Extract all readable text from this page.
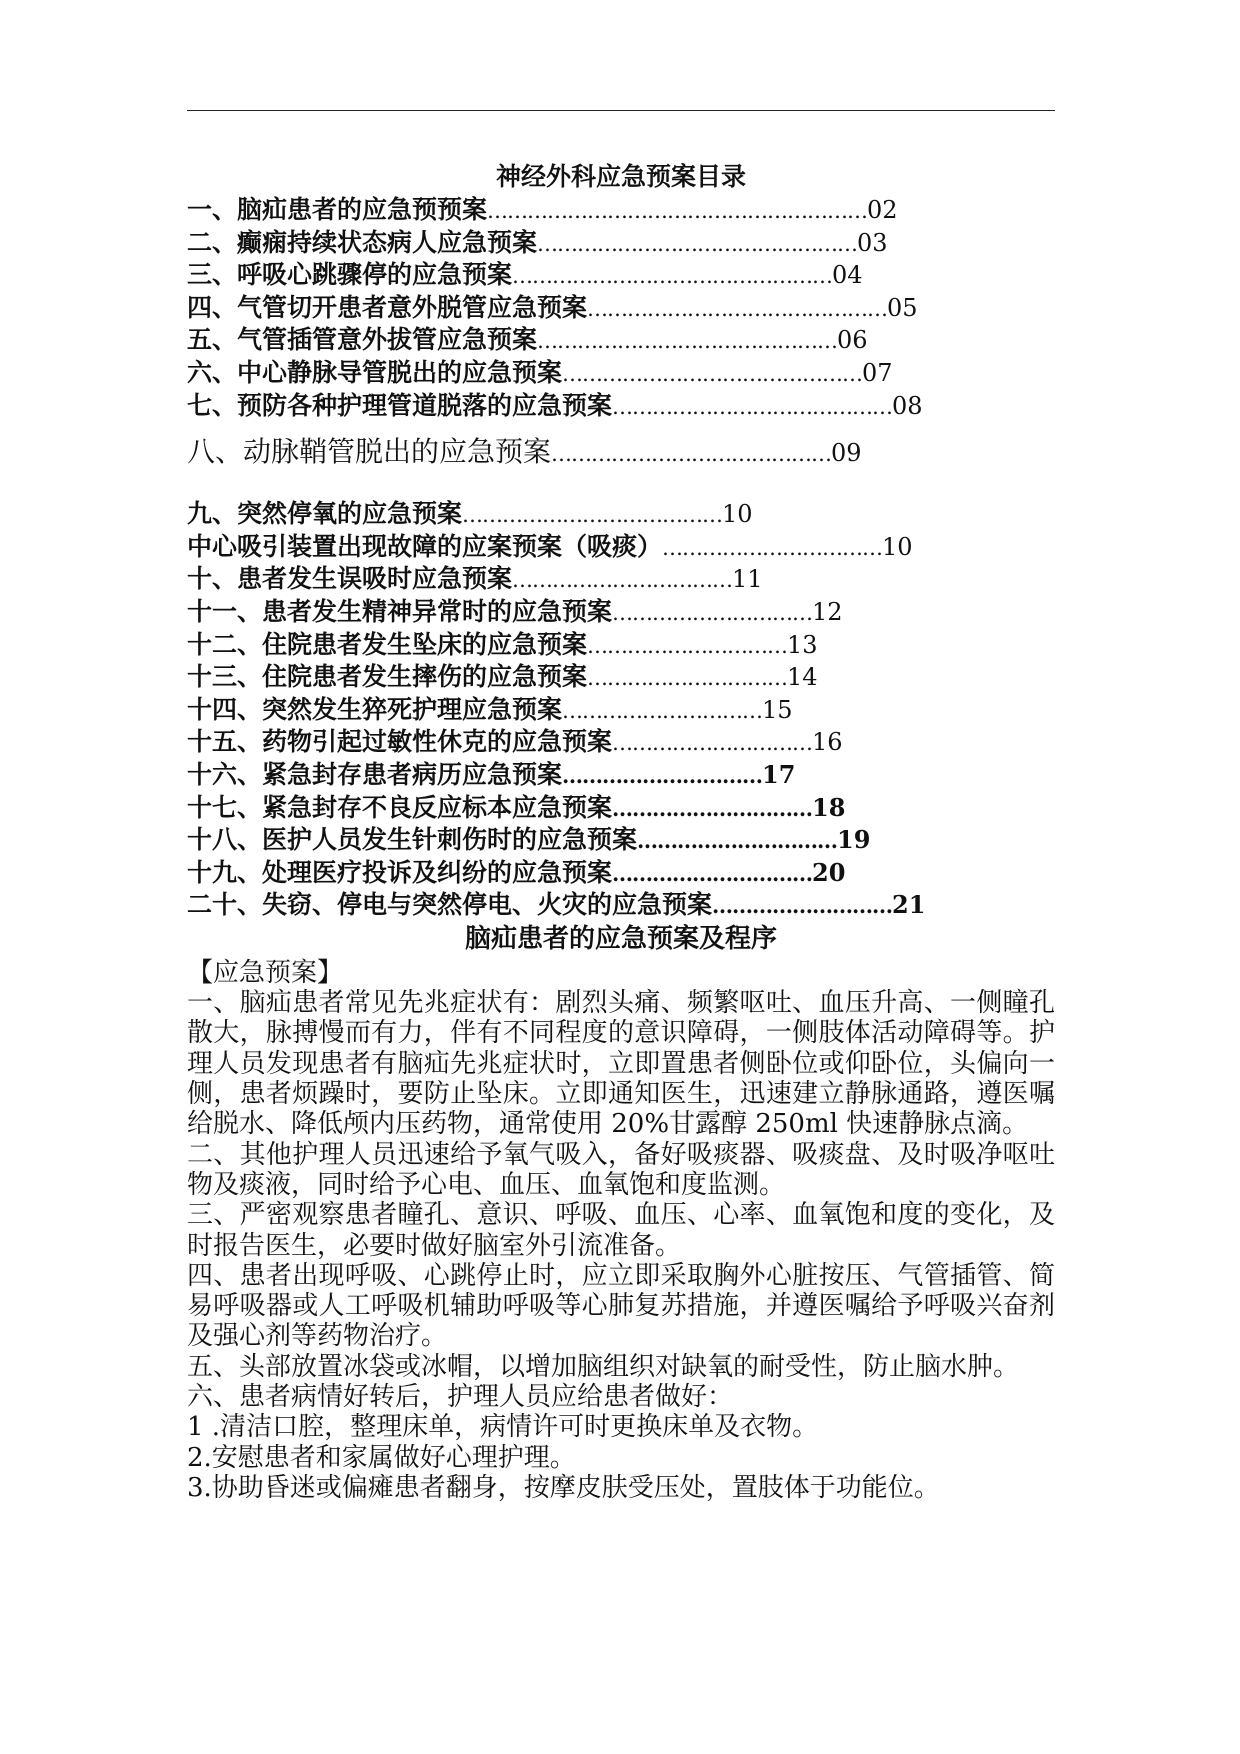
神经外科应急预案目录
一、脑疝患者的应急预预案 ………………………………………………… 02
二、癫痫持续状态病人应急预案 ………………………………………… 03
三、呼吸心跳骤停的应急预案 ………………………………………… 04
四、气管切开患者意外脱管应急预案 ……………………………………… 05
五、气管插管意外拔管应急预案 ……………………………………… 06
六、中心静脉导管脱出的应急预案 ……………………………………… 07
七、预防各种护理管道脱落的应急预案 …………………………………… 08
八、动脉鞘管脱出的应急预案 …………………………………… 09
九、突然停氧的应急预案 ………………………………… 10
中心吸引装置出现故障的应案预案（吸痰） …………………………… 10
十、患者发生误吸时应急预案 …………………………… 11
十一、患者发生精神异常时的应急预案 ………………………… 12
十二、住院患者发生坠床的应急预案 ………………………… 13
十三、住院患者发生摔伤的应急预案 ………………………… 14
十四、突然发生猝死护理应急预案 ………………………… 15
十五、药物引起过敏性休克的应急预案 ………………………… 16
十六、紧急封存患者病历应急预案 ………………………… 17
十七、紧急封存不良反应标本应急预案 ………………………… 18
十八、医护人员发生针刺伤时的应急预案 ………………………… 19
十九、处理医疗投诉及纠纷的应急预案 ………………………… 20
二十、失窃、停电与突然停电、火灾的应急预案 ……………………… 21
脑疝患者的应急预案及程序

【应急预案】

一、脑疝患者常见先兆症状有：剧烈头痛、频繁呕吐、血压升高、一侧瞳孔散大，脉搏慢而有力，伴有不同程度的意识障碍，一侧肢体活动障碍等。护理人员发现患者有脑疝先兆症状时，立即置患者侧卧位或仰卧位，头偏向一侧，患者烦躁时，要防止坠床。立即通知医生，迅速建立静脉通路，遵医嘱给脱水、降低颅内压药物，通常使用 20%甘露醇 250ml 快速静脉点滴。

二、其他护理人员迅速给予氧气吸入，备好吸痰器、吸痰盘、及时吸净呕吐物及痰液，同时给予心电、血压、血氧饱和度监测。

三、严密观察患者瞳孔、意识、呼吸、血压、心率、血氧饱和度的变化，及时报告医生，必要时做好脑室外引流准备。

四、患者出现呼吸、心跳停止时，应立即采取胸外心脏按压、气管插管、简易呼吸器或人工呼吸机辅助呼吸等心肺复苏措施，并遵医嘱给予呼吸兴奋剂及强心剂等药物治疗。

五、头部放置冰袋或冰帽，以增加脑组织对缺氧的耐受性，防止脑水肿。

六、患者病情好转后，护理人员应给患者做好：

1 .清洁口腔，整理床单，病情许可时更换床单及衣物。

2.安慰患者和家属做好心理护理。

3.协助昏迷或偏瘫患者翻身，按摩皮肤受压处，置肢体于功能位。
